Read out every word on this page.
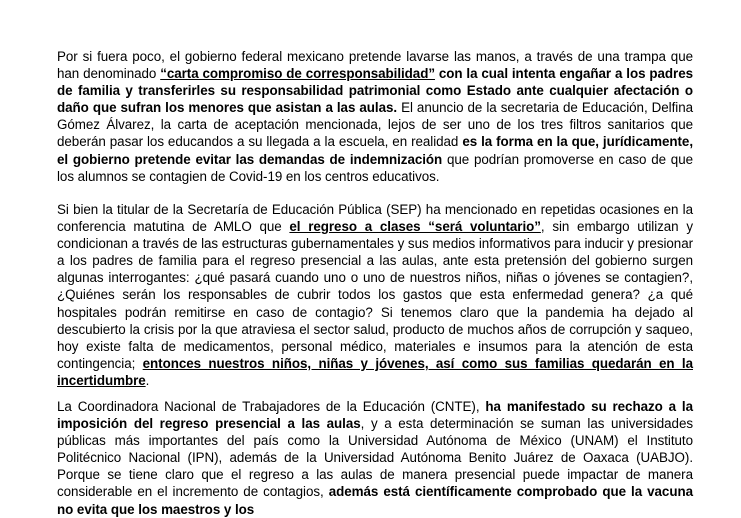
Por si fuera poco, el gobierno federal mexicano pretende lavarse las manos, a través de una trampa que han denominado “carta compromiso de corresponsabilidad” con la cual intenta engañar a los padres de familia y transferirles su responsabilidad patrimonial como Estado ante cualquier afectación o daño que sufran los menores que asistan a las aulas. El anuncio de la secretaria de Educación, Delfina Gómez Álvarez, la carta de aceptación mencionada, lejos de ser uno de los tres filtros sanitarios que deberán pasar los educandos a su llegada a la escuela, en realidad es la forma en la que, jurídicamente, el gobierno pretende evitar las demandas de indemnización que podrían promoverse en caso de que los alumnos se contagien de Covid-19 en los centros educativos.

Si bien la titular de la Secretaría de Educación Pública (SEP) ha mencionado en repetidas ocasiones en la conferencia matutina de AMLO que el regreso a clases “será voluntario”, sin embargo utilizan y condicionan a través de las estructuras gubernamentales y sus medios informativos para inducir y presionar a los padres de familia para el regreso presencial a las aulas, ante esta pretensión del gobierno surgen algunas interrogantes: ¿qué pasará cuando uno o uno de nuestros niños, niñas o jóvenes se contagien?, ¿Quiénes serán los responsables de cubrir todos los gastos que esta enfermedad genera? ¿a qué hospitales podrán remitirse en caso de contagio? Si tenemos claro que la pandemia ha dejado al descubierto la crisis por la que atraviesa el sector salud, producto de muchos años de corrupción y saqueo, hoy existe falta de medicamentos, personal médico, materiales e insumos para la atención de esta contingencia; entonces nuestros niños, niñas y jóvenes, así como sus familias quedarán en la incertidumbre.

La Coordinadora Nacional de Trabajadores de la Educación (CNTE), ha manifestado su rechazo a la imposición del regreso presencial a las aulas, y a esta determinación se suman las universidades públicas más importantes del país como la Universidad Autónoma de México (UNAM) el Instituto Politécnico Nacional (IPN), además de la Universidad Autónoma Benito Juárez de Oaxaca (UABJO). Porque se tiene claro que el regreso a las aulas de manera presencial puede impactar de manera considerable en el incremento de contagios, además está científicamente comprobado que la vacuna no evita que los maestros y los
